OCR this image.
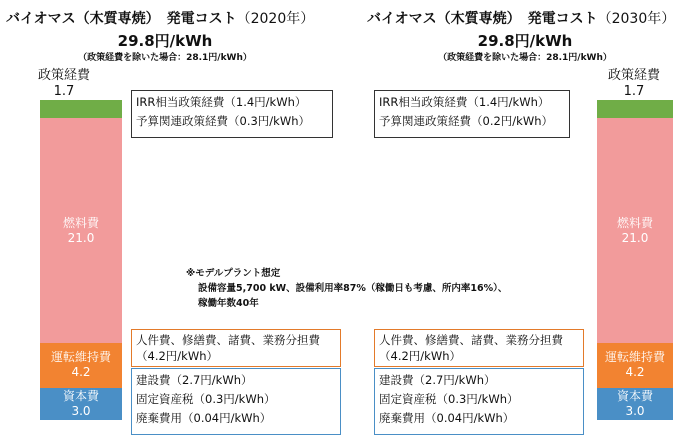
バイオマス（木質専焼）　発電コスト（2020年）
29.8円/kWh
（政策経費を除いた場合：28.1円/kWh）
政策経費
1.7
燃料費
21.0
運転維持費
4.2
資本費
3.0
IRR相当政策経費（1.4円/kWh）
予算関連政策経費（0.3円/kWh）
人件費、修繕費、諸費、業務分担費
（4.2円/kWh）
建設費（2.7円/kWh）
固定資産税（0.3円/kWh）
廃棄費用（0.04円/kWh）
※モデルプラント想定
設備容量5,700 kW、設備利用率87%（稼働日も考慮、所内率16%）、
稼働年数40年
バイオマス（木質専焼）　発電コスト（2030年）
29.8円/kWh
（政策経費を除いた場合：28.1円/kWh）
政策経費
1.7
燃料費
21.0
運転維持費
4.2
資本費
3.0
IRR相当政策経費（1.4円/kWh）
予算関連政策経費（0.2円/kWh）
人件費、修繕費、諸費、業務分担費
（4.2円/kWh）
建設費（2.7円/kWh）
固定資産税（0.3円/kWh）
廃棄費用（0.04円/kWh）
